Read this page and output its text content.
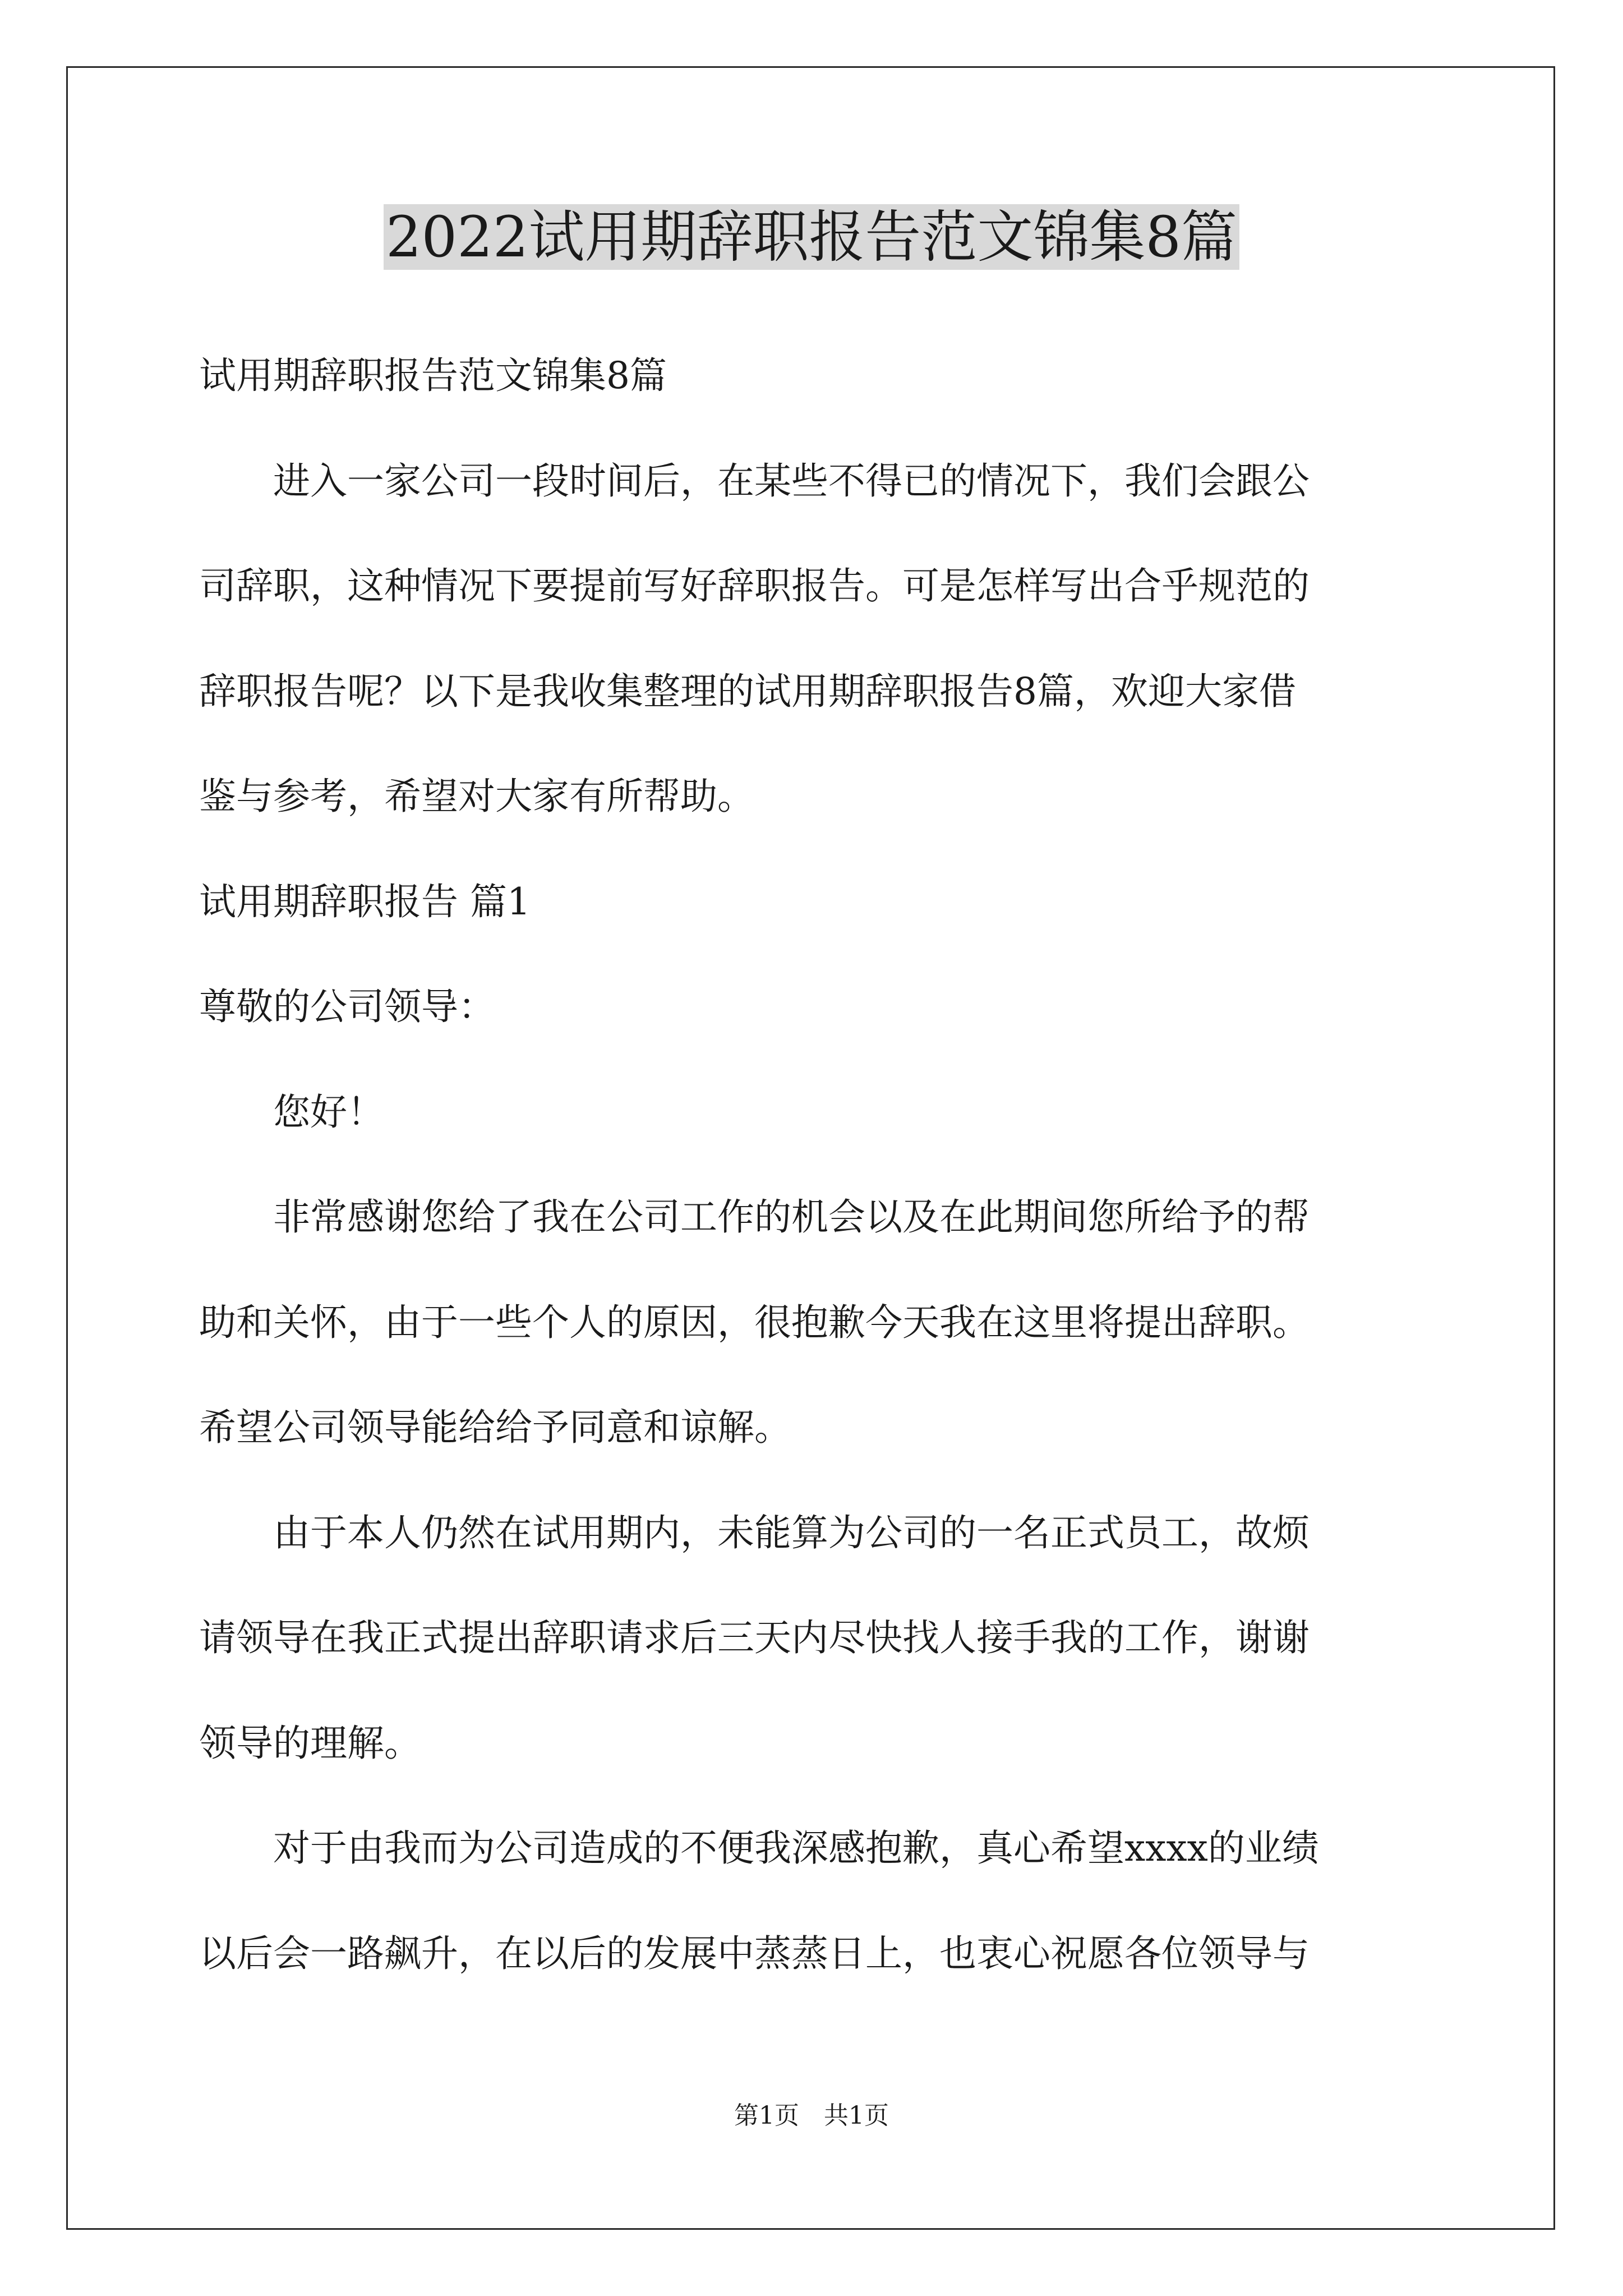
2022试用期辞职报告范文锦集8篇

试用期辞职报告范文锦集8篇

　　进入一家公司一段时间后，在某些不得已的情况下，我们会跟公

司辞职，这种情况下要提前写好辞职报告。可是怎样写出合乎规范的

辞职报告呢？以下是我收集整理的试用期辞职报告8篇，欢迎大家借

鉴与参考，希望对大家有所帮助。

试用期辞职报告 篇1

尊敬的公司领导：

　　您好！

　　非常感谢您给了我在公司工作的机会以及在此期间您所给予的帮

助和关怀，由于一些个人的原因，很抱歉今天我在这里将提出辞职。

希望公司领导能给给予同意和谅解。

　　由于本人仍然在试用期内，未能算为公司的一名正式员工，故烦

请领导在我正式提出辞职请求后三天内尽快找人接手我的工作，谢谢

领导的理解。

　　对于由我而为公司造成的不便我深感抱歉，真心希望xxxx的业绩

以后会一路飙升，在以后的发展中蒸蒸日上，也衷心祝愿各位领导与

第1页　共1页
